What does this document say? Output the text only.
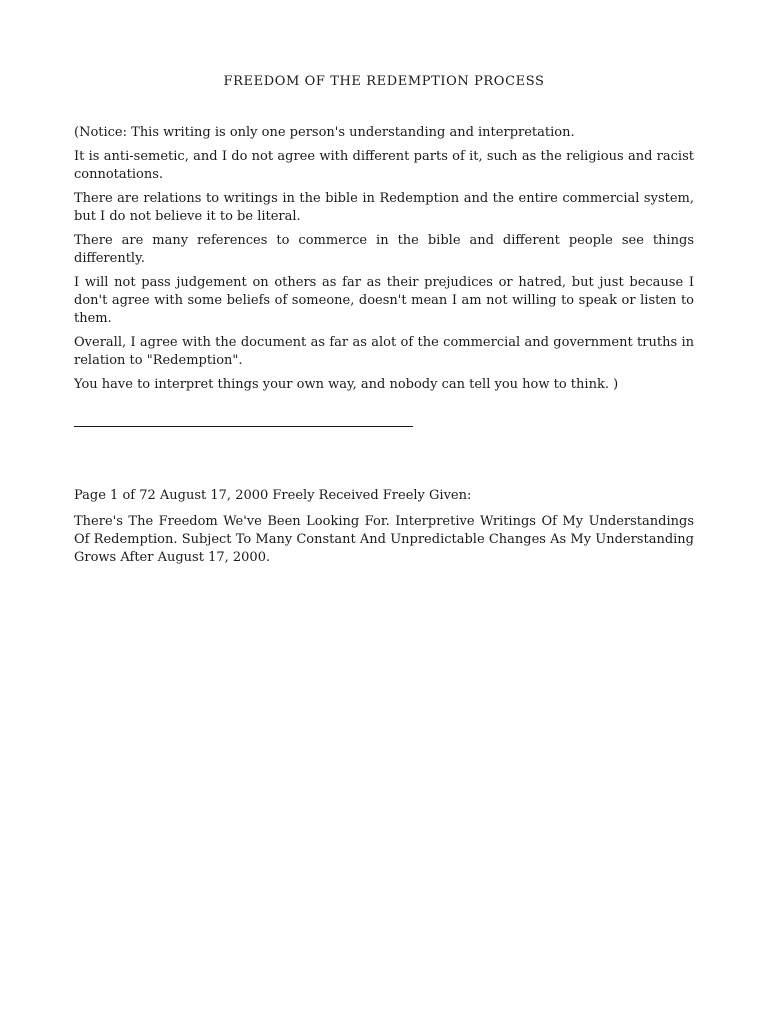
FREEDOM OF THE REDEMPTION PROCESS

(Notice: This writing is only one person's understanding and interpretation.

It is anti-semetic, and I do not agree with different parts of it, such as the religious and racist connotations.

There are relations to writings in the bible in Redemption and the entire commercial system, but I do not believe it to be literal.

There are many references to commerce in the bible and different people see things differently.

I will not pass judgement on others as far as their prejudices or hatred, but just because I don't agree with some beliefs of someone, doesn't mean I am not willing to speak or listen to them.

Overall, I agree with the document as far as alot of the commercial and government truths in relation to "Redemption".

You have to interpret things your own way, and nobody can tell you how to think. )

Page 1 of 72 August 17, 2000 Freely Received Freely Given:

There's The Freedom We've Been Looking For. Interpretive Writings Of My Understandings Of Redemption. Subject To Many Constant And Unpredictable Changes As My Understanding Grows After August 17, 2000.
